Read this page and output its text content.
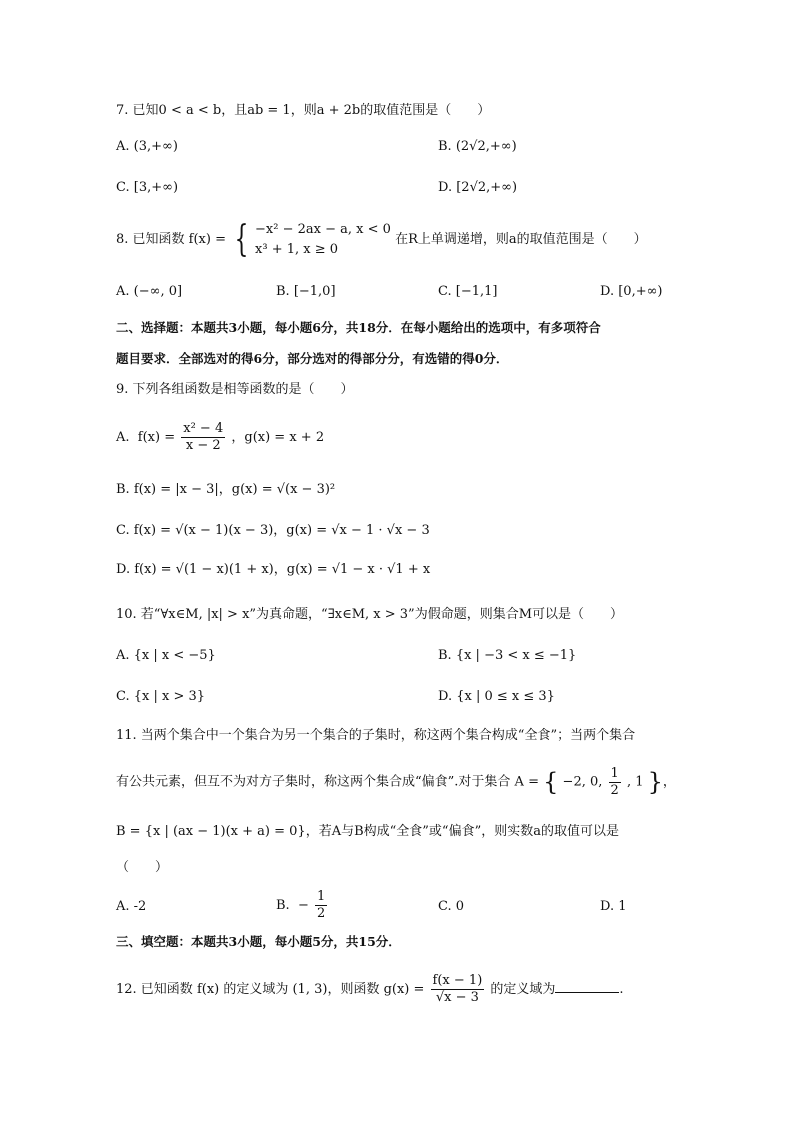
7. 已知0 < a < b，且ab = 1，则a + 2b的取值范围是（　　）
A. (3,+∞)	B. (2√2,+∞)
C. [3,+∞)	D. [2√2,+∞)
8. 已知函数 f(x) = { −x² − 2ax − a, x < 0
x³ + 1, x ≥ 0
在R上单调递增，则a的取值范围是（　　）
A. (−∞, 0]	B. [−1,0]	C. [−1,1]	D. [0,+∞)
二、选择题：本题共3小题，每小题6分，共18分．在每小题给出的选项中，有多项符合
题目要求．全部选对的得6分，部分选对的得部分分，有选错的得0分．
9. 下列各组函数是相等函数的是（　　）
A. $f(x) = \frac{\text{x² − 4}}{x - 2}$ ，g(x) = x + 2
B. f(x) = |x − 3|，g(x) = √(x − 3)²
C. f(x) = √(x − 1)(x − 3)，g(x) = √x − 1 · √x − 3
D. f(x) = √(1 − x)(1 + x)，g(x) = √1 − x · √1 + x
10. 若“∀x∈M, |x| > x”为真命题，“∃x∈M, x > 3”为假命题，则集合M可以是（　　）
A. {x | x < −5}	B. {x | −3 < x ≤ −1}
C. {x | x > 3}	D. {x | 0 ≤ x ≤ 3}
11. 当两个集合中一个集合为另一个集合的子集时，称这两个集合构成“全食”；当两个集合
有公共元素，但互不为对方子集时，称这两个集合成“偏食”.对于集合 A = { −2, 0, $\frac{1}{2}$ , 1 }，
B = {x | (ax − 1)(x + a) = 0}，若A与B构成“全食”或“偏食”，则实数a的取值可以是
（　　）
A. -2	B. − $\frac{1}{2}$	C. 0	D. 1
三、填空题：本题共3小题，每小题5分，共15分．
12. 已知函数 f(x) 的定义域为 (1, 3)，则函数 $g(x) = \frac{f(x - 1)}{√x - 3}$ 的定义域为	.
